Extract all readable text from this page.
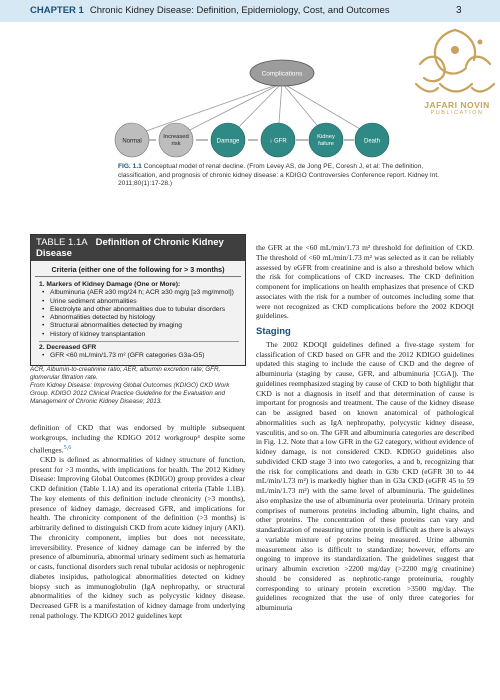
CHAPTER 1 Chronic Kidney Disease: Definition, Epidemiology, Cost, and Outcomes	3
JAFARI NOVIN
PUBLICATION
Complications
Normal
Increased risk	Damage	↓ GFR
Kidney failure	Death
FIG. 1.1 Conceptual model of renal decline. (From Levey AS, de Jong PE, Coresh J, et al: The definition, classification, and prognosis of chronic kidney disease: a KDIGO Controversies Conference report. Kidney Int. 2011;80(1):17-28.)
TABLE 1.1A Definition of Chronic Kidney Disease
Criteria (either one of the following for > 3 months)
1. Markers of Kidney Damage (One or More):
• Albuminuria (AER ≥30 mg/24 h; ACR ≥30 mg/g [≥3 mg/mmol])
• Urine sediment abnormalities
• Electrolyte and other abnormalities due to tubular disorders
• Abnormalities detected by histology
• Structural abnormalities detected by imaging
• History of kidney transplantation
2. Decreased GFR
• GFR <60 mL/min/1.73 m² (GFR categories G3a-G5)
ACR, Albumin-to-creatinine ratio; AER, albumin excretion rate; GFR, glomerular filtration rate.
From Kidney Disease: Improving Global Outcomes (KDIGO) CKD Work Group. KDIGO 2012 Clinical Practice Guideline for the Evaluation and Management of Chronic Kidney Disease; 2013.

definition of CKD that was endorsed by multiple subsequent workgroups, including the KDIGO 2012 workgroup⁴ despite some challenges.$^{5,6}$

CKD is defined as abnormalities of kidney structure of function, present for >3 months, with implications for health. The 2012 Kidney Disease: Improving Global Outcomes (KDIGO) group provides a clear CKD definition (Table 1.1A) and its operational criteria (Table 1.1B). The key elements of this definition include chronicity (>3 months), presence of kidney damage, decreased GFR, and implications for health. The chronicity component of the definition (>3 months) is arbitrarily defined to distinguish CKD from acute kidney injury (AKI). The chronicity component, implies but does not necessitate, irreversibility. Presence of kidney damage can be inferred by the presence of albuminuria, abnormal urinary sediment such as hematuria or casts, functional disorders such renal tubular acidosis or nephrogenic diabetes insipidus, pathological abnormalities detected on kidney biopsy such as immunoglobulin (IgA nephropathy, or structural abnormalities of the kidney such as polycystic kidney disease. Decreased GFR is a manifestation of kidney damage from underlying renal pathology. The KDIGO 2012 guidelines kept

the GFR at the <60 mL/min/1.73 m² threshold for definition of CKD. The threshold of <60 mL/min/1.73 m² was selected as it can be reliably assessed by eGFR from creatinine and is also a threshold below which the risk for complications of CKD increases. The CKD definition component for implications on health emphasizes that presence of CKD associates with the risk for a number of outcomes including some that were not recognized as CKD complications before the 2002 KDOQI guidelines.

Staging

The 2002 KDOQI guidelines defined a five-stage system for classification of CKD based on GFR and the 2012 KDIGO guidelines updated this staging to include the cause of CKD and the degree of albuminuria (staging by cause, GFR, and albuminuria [CGA]). The guidelines reemphasized staging by cause of CKD to both highlight that CKD is not a diagnosis in itself and that determination of cause is important for prognosis and treatment. The cause of the kidney disease can be assigned based on known anatomical of pathological abnormalities such as IgA nephropathy, polycystic kidney disease, vasculitis, and so on. The GFR and albuminuria categories are described in Fig. 1.2. Note that a low GFR in the G2 category, without evidence of kidney damage, is not considered CKD. KDIGO guidelines also subdivided CKD stage 3 into two categories, a and b, recognizing that the risk for complications and death in G3b CKD (eGFR 30 to 44 mL/min/1.73 m²) is markedly higher than in G3a CKD (eGFR 45 to 59 mL/min/1.73 m²) with the same level of albuminuria. The guidelines also emphasize the use of albuminuria over proteinuria. Urinary protein comprises of numerous proteins including albumin, light chains, and other proteins. The concentration of these proteins can vary and standardization of measuring urine protein is difficult as there is always a variable mixture of proteins being measured. Urine albumin measurement also is difficult to standardize; however, efforts are ongoing to improve its standardization. The guidelines suggest that urinary albumin excretion >2200 mg/day (>2200 mg/g creatinine) should be considered as nephrotic-range proteinuria, roughly corresponding to urinary protein excretion >3500 mg/day. The guidelines recognized that the use of only three categories for albuminuria
